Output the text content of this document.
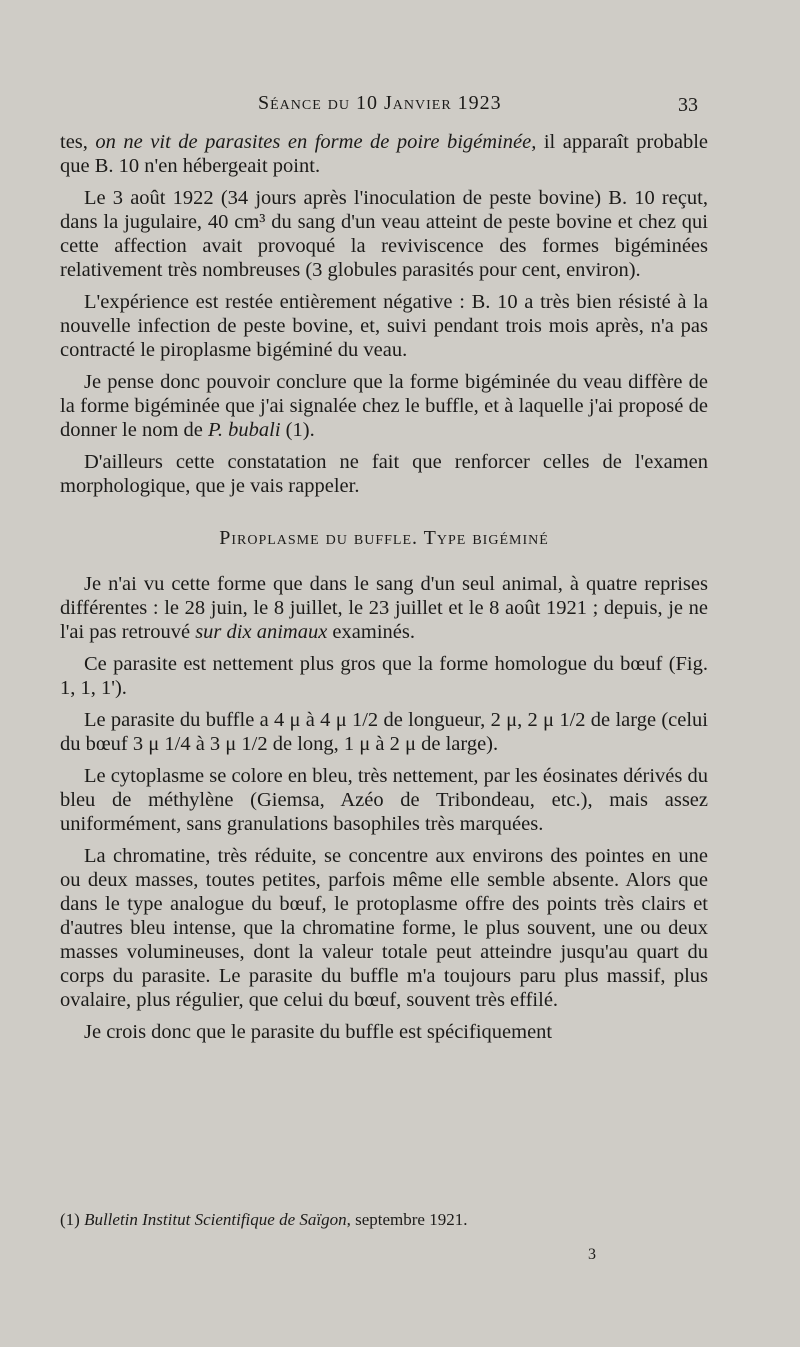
Séance du 10 Janvier 1923	33

tes, on ne vit de parasites en forme de poire bigéminée, il apparaît probable que B. 10 n'en hébergeait point.

Le 3 août 1922 (34 jours après l'inoculation de peste bovine) B. 10 reçut, dans la jugulaire, 40 cm³ du sang d'un veau atteint de peste bovine et chez qui cette affection avait provoqué la reviviscence des formes bigéminées relativement très nombreuses (3 globules parasités pour cent, environ).

L'expérience est restée entièrement négative : B. 10 a très bien résisté à la nouvelle infection de peste bovine, et, suivi pendant trois mois après, n'a pas contracté le piroplasme bigéminé du veau.

Je pense donc pouvoir conclure que la forme bigéminée du veau diffère de la forme bigéminée que j'ai signalée chez le buffle, et à laquelle j'ai proposé de donner le nom de P. bubali (1).

D'ailleurs cette constatation ne fait que renforcer celles de l'examen morphologique, que je vais rappeler.

Piroplasme du buffle. Type bigéminé

Je n'ai vu cette forme que dans le sang d'un seul animal, à quatre reprises différentes : le 28 juin, le 8 juillet, le 23 juillet et le 8 août 1921 ; depuis, je ne l'ai pas retrouvé sur dix animaux examinés.

Ce parasite est nettement plus gros que la forme homologue du bœuf (Fig. 1, 1, 1').

Le parasite du buffle a 4 μ à 4 μ 1/2 de longueur, 2 μ, 2 μ 1/2 de large (celui du bœuf 3 μ 1/4 à 3 μ 1/2 de long, 1 μ à 2 μ de large).

Le cytoplasme se colore en bleu, très nettement, par les éosinates dérivés du bleu de méthylène (Giemsa, Azéo de Tribondeau, etc.), mais assez uniformément, sans granulations basophiles très marquées.

La chromatine, très réduite, se concentre aux environs des pointes en une ou deux masses, toutes petites, parfois même elle semble absente. Alors que dans le type analogue du bœuf, le protoplasme offre des points très clairs et d'autres bleu intense, que la chromatine forme, le plus souvent, une ou deux masses volumineuses, dont la valeur totale peut atteindre jusqu'au quart du corps du parasite. Le parasite du buffle m'a toujours paru plus massif, plus ovalaire, plus régulier, que celui du bœuf, souvent très effilé.

Je crois donc que le parasite du buffle est spécifiquement

(1) Bulletin Institut Scientifique de Saïgon, septembre 1921.
3
